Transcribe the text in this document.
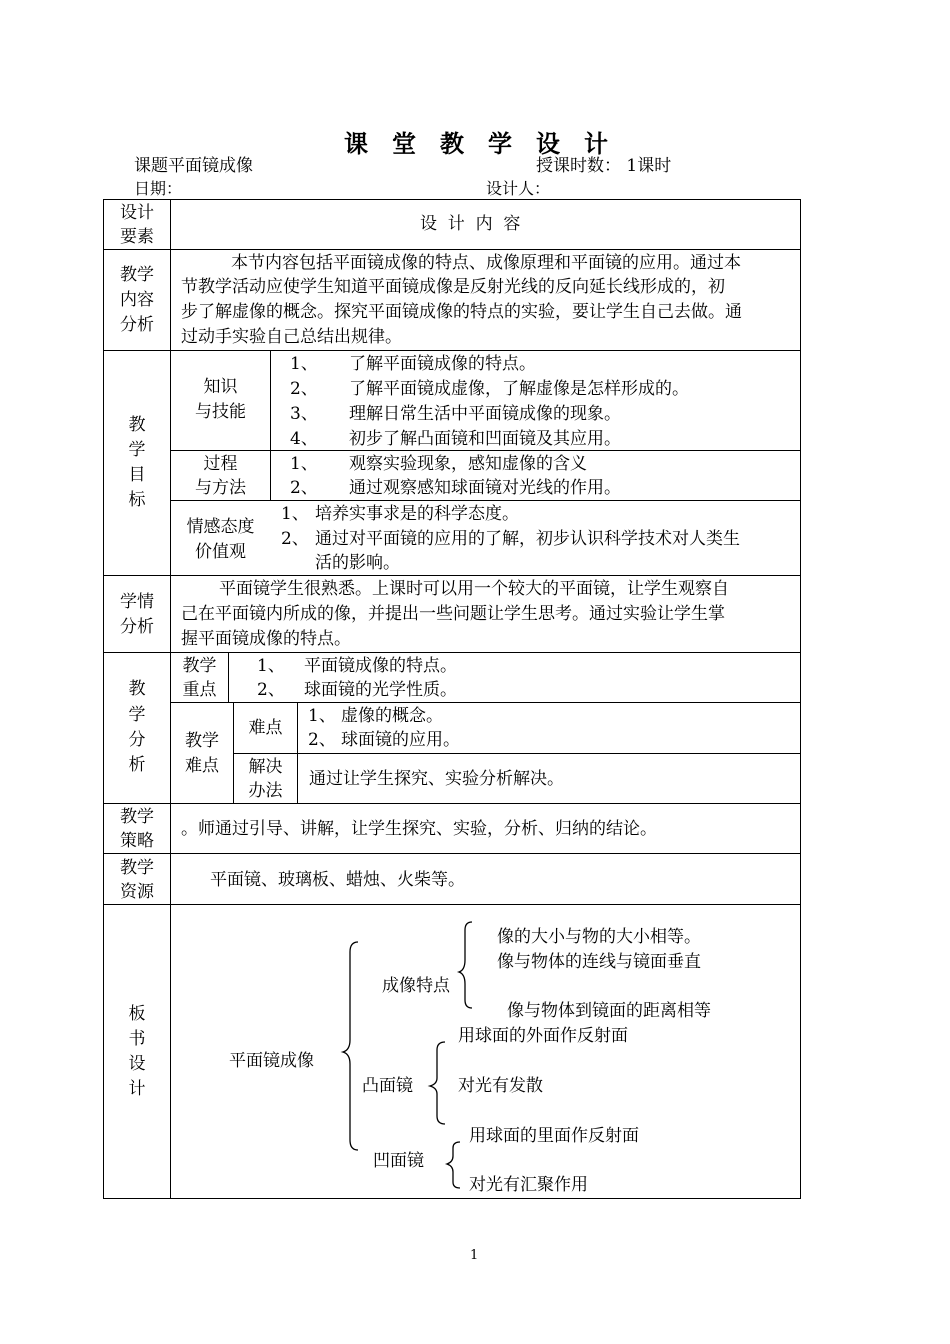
课堂教学设计
课题平面镜成像	授课时数： 1课时
日期：	设计人：
设计
要素
设  计  内  容
教学
内容
分析
本节内容包括平面镜成像的特点、成像原理和平面镜的应用。通过本
节教学活动应使学生知道平面镜成像是反射光线的反向延长线形成的，初
步了解虚像的概念。探究平面镜成像的特点的实验，要让学生自己去做。通
过动手实验自己总结出规律。
教
学
目
标
知识
与技能
1、 了解平面镜成像的特点。
2、 了解平面镜成虚像，了解虚像是怎样形成的。
3、 理解日常生活中平面镜成像的现象。
4、 初步了解凸面镜和凹面镜及其应用。
过程
与方法
1、 观察实验现象，感知虚像的含义
2、 通过观察感知球面镜对光线的作用。
情感态度
价值观
1、 培养实事求是的科学态度。
2、 通过对平面镜的应用的了解，初步认识科学技术对人类生
活的影响。
学情
分析
平面镜学生很熟悉。上课时可以用一个较大的平面镜，让学生观察自
己在平面镜内所成的像，并提出一些问题让学生思考。通过实验让学生掌
握平面镜成像的特点。
教
学
分
析
教学
重点
1、 平面镜成像的特点。
2、 球面镜的光学性质。
教学
难点
难点
1、 虚像的概念。
2、 球面镜的应用。
解决
办法
通过让学生探究、实验分析解决。
教学
策略
。师通过引导、讲解，让学生探究、实验，分析、归纳的结论。
教学
资源
平面镜、玻璃板、蜡烛、火柴等。
板
书
设
计
平面镜成像
成像特点
像的大小与物的大小相等。
像与物体的连线与镜面垂直
像与物体到镜面的距离相等
凸面镜
用球面的外面作反射面
对光有发散
凹面镜
用球面的里面作反射面
对光有汇聚作用
1
